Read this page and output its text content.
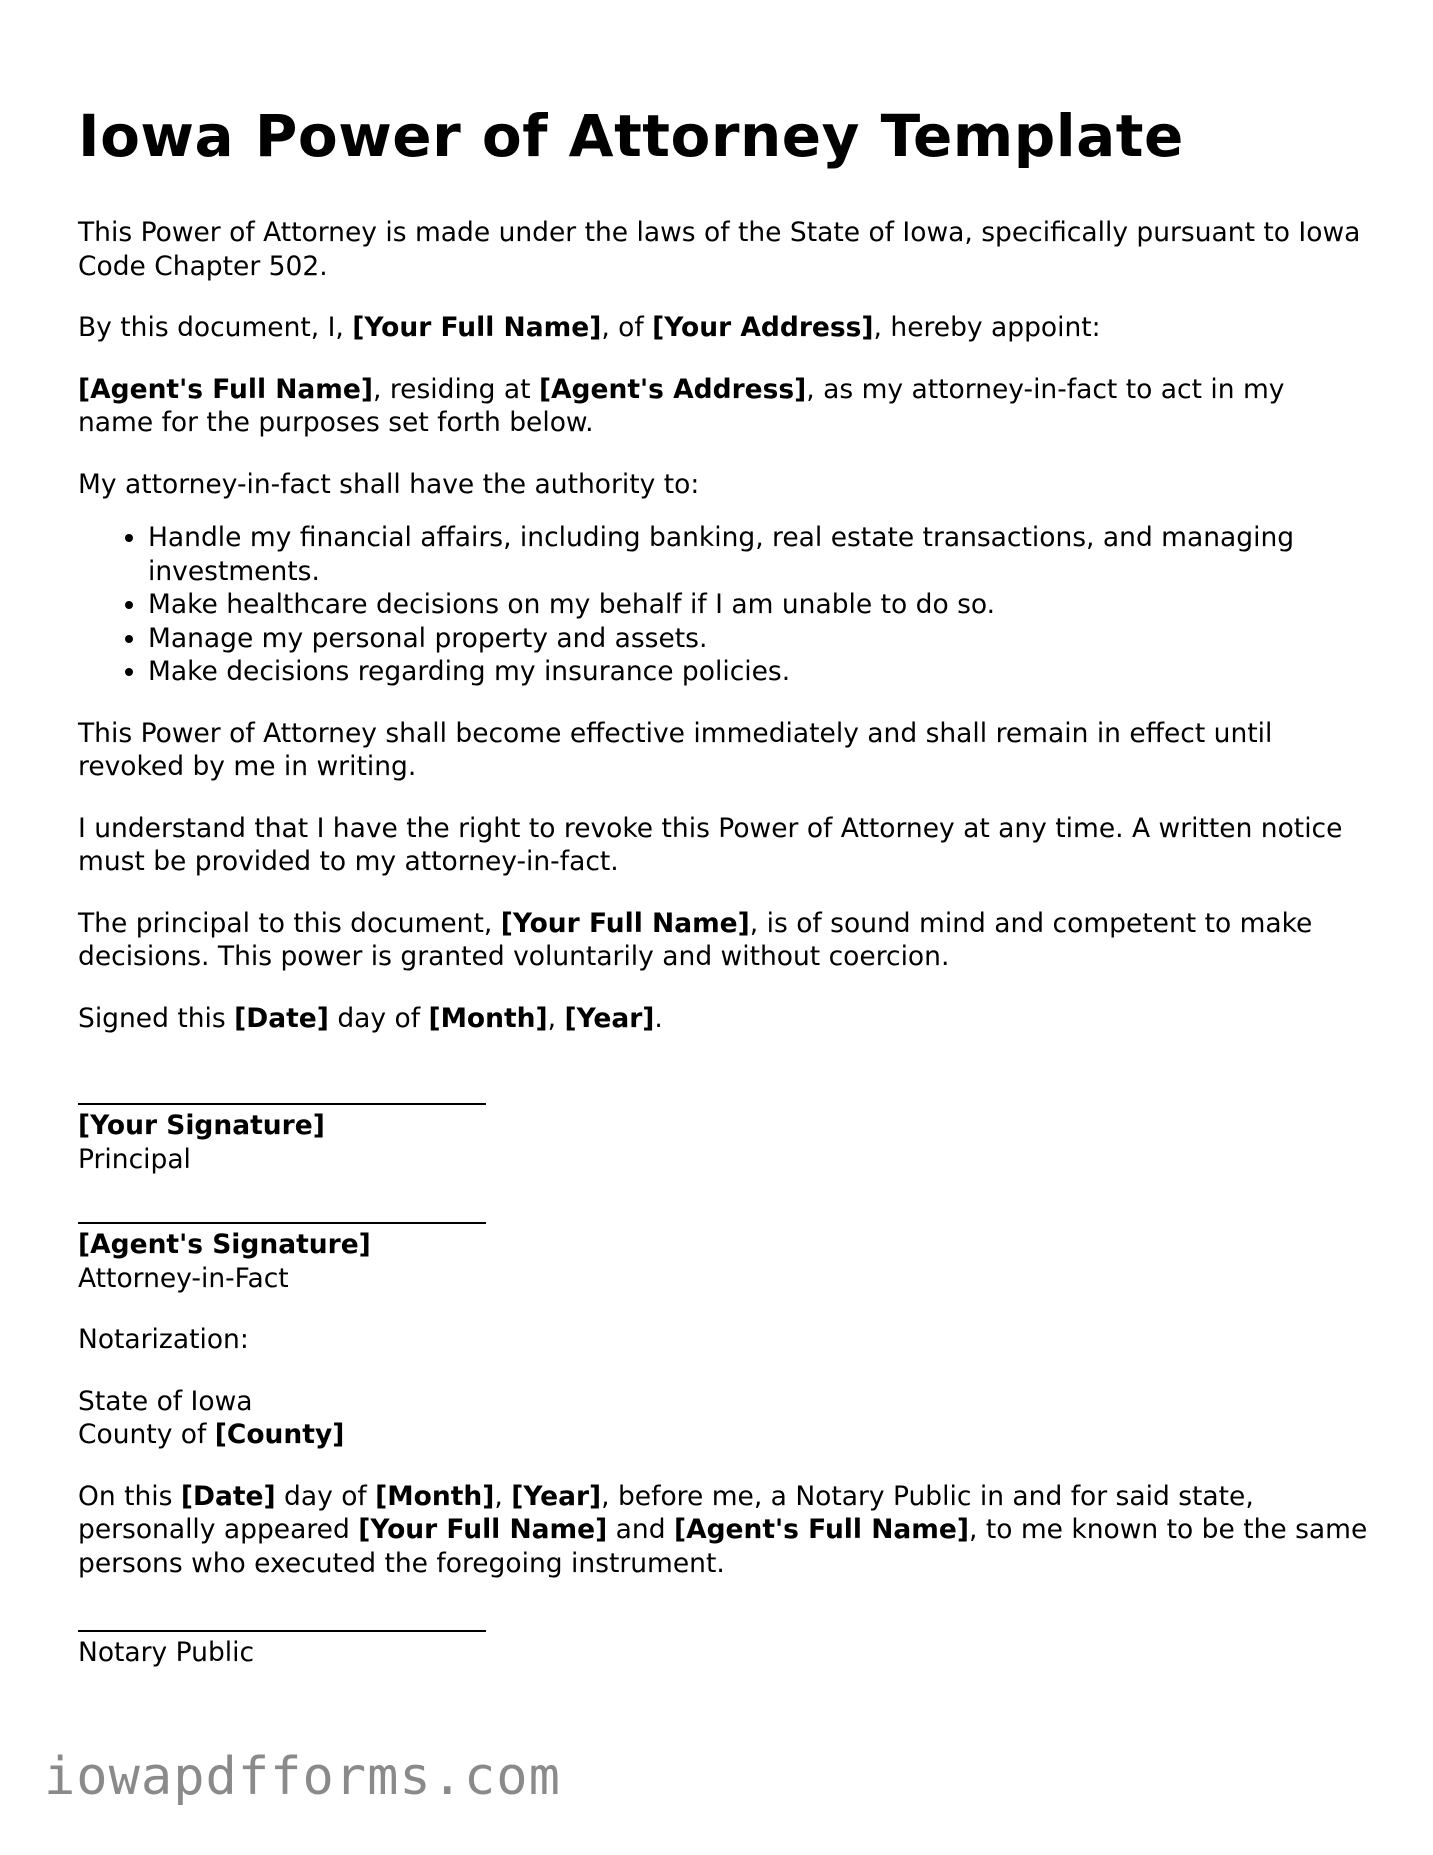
Iowa Power of Attorney Template

This Power of Attorney is made under the laws of the State of Iowa, specifically pursuant to Iowa Code Chapter 502.

By this document, I, [Your Full Name], of [Your Address], hereby appoint:

[Agent's Full Name], residing at [Agent's Address], as my attorney-in-fact to act in my name for the purposes set forth below.

My attorney-in-fact shall have the authority to:

• Handle my financial affairs, including banking, real estate transactions, and managing investments.
• Make healthcare decisions on my behalf if I am unable to do so.
• Manage my personal property and assets.
• Make decisions regarding my insurance policies.

This Power of Attorney shall become effective immediately and shall remain in effect until revoked by me in writing.

I understand that I have the right to revoke this Power of Attorney at any time. A written notice must be provided to my attorney-in-fact.

The principal to this document, [Your Full Name], is of sound mind and competent to make decisions. This power is granted voluntarily and without coercion.

Signed this [Date] day of [Month], [Year].

[Your Signature]
Principal
[Agent's Signature]
Attorney-in-Fact

Notarization:

State of Iowa
County of [County]

On this [Date] day of [Month], [Year], before me, a Notary Public in and for said state, personally appeared [Your Full Name] and [Agent's Full Name], to me known to be the same persons who executed the foregoing instrument.

Notary Public
iowapdfforms.com
